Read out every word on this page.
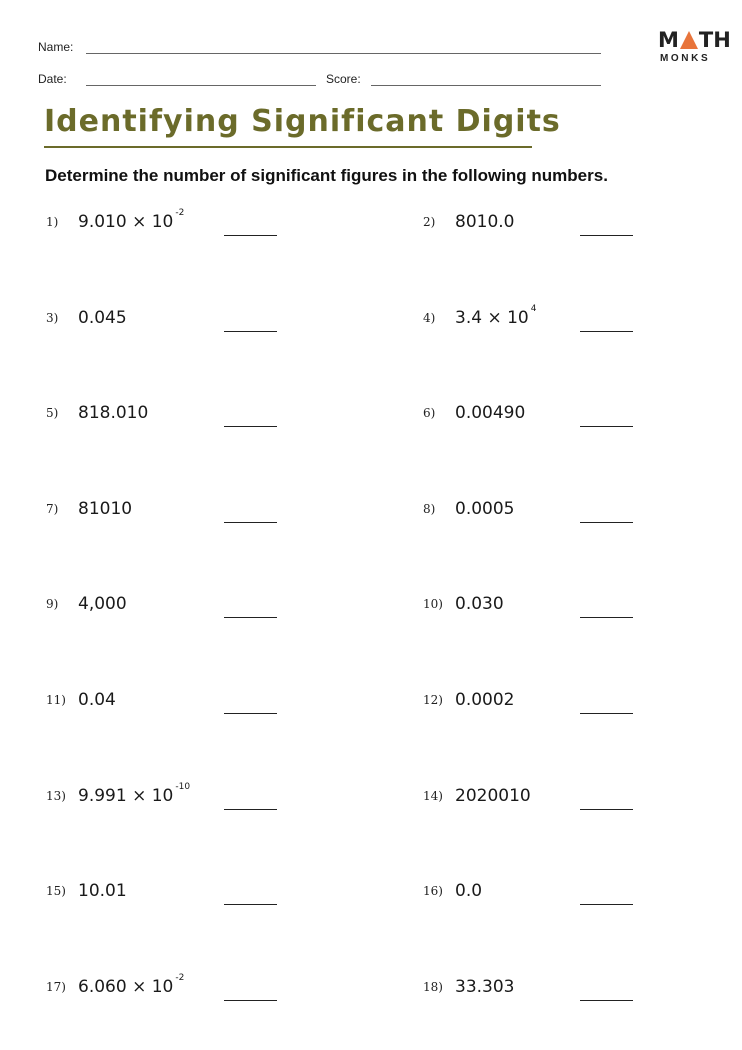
Name:
Date:	Score:
M TH
MONKS
Identifying Significant Digits
Determine the number of significant figures in the following numbers.
1) 9.010 × 10 $^{-2}$
2) 8010.0
3) 0.045	4) 3.4 × 10 $^4$
5) 818.010	6) 0.00490
7) 81010	8) 0.0005
9) 4,000	10) 0.030
11) 0.04	12) 0.0002
13) 9.991 × 10 $^{-10}$
14) 2020010
15) 10.01	16) 0.0
17) 6.060 × 10 $^{-2}$
18) 33.303
